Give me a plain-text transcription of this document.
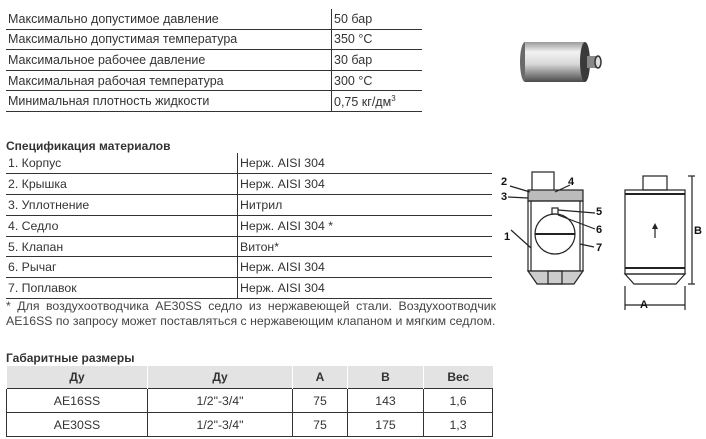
Максимально допустимое давление	50 бар
Максимально допустимая температура	350 °C
Максимальное рабочее давление	30 бар
Максимальная рабочая температура	300 °C
Минимальная плотность жидкости	0,75 $кг/дм^3$
Спецификация материалов
1. Корпус	Нерж. AISI 304
2. Крышка	Нерж. AISI 304
3. Уплотнение	Нитрил
4. Седло	Нерж. AISI 304 *
5. Клапан	Витон*
6. Рычаг	Нерж. AISI 304
7. Поплавок	Нерж. AISI 304
* Для воздухоотводчика AE30SS седло из нержавеющей стали. Воздухоотводчик AE16SS по запросу может поставляться с нержавеющим клапаном и мягким седлом.
Габаритные размеры
Ду	Ду	A	B	Вес
AE16SS	1/2"-3/4"	75	143	1,6
AE30SS	1/2"-3/4"	75	175	1,3
2
3
4
5
6
1
7
B
A
